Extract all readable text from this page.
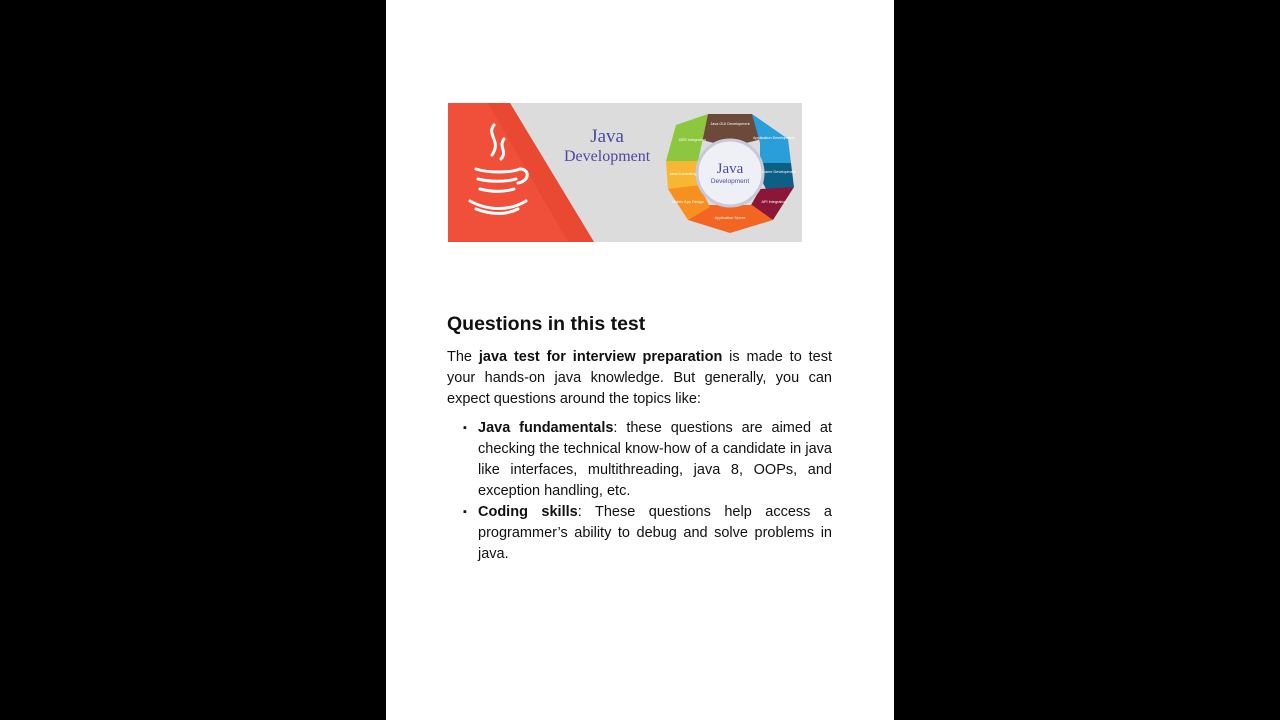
Java
Development
Java GUI Development
Application Development
Game Development
API Integration
Application Server
Mobile App Design
Java Consulting
J2EE Integration
Java
Development
Questions in this test

The java test for interview preparation is made to test your hands-on java knowledge. But generally, you can expect questions around the topics like:

▪ Java fundamentals: these questions are aimed at checking the technical know-how of a candidate in java like interfaces, multithreading, java 8, OOPs, and exception handling, etc.
▪ Coding skills: These questions help access a programmer’s ability to debug and solve problems in java.
